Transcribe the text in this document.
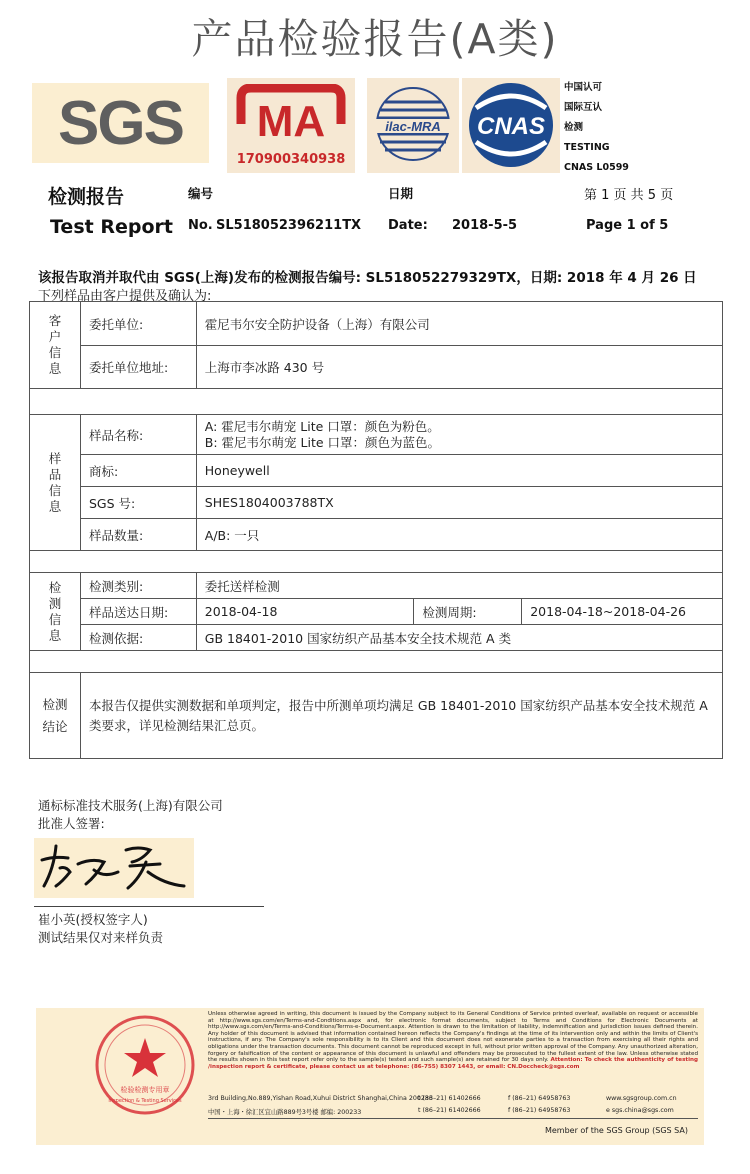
产品检验报告(A类)
SGS MA
170900340938
ilac-MRA CNAS
中国认可
国际互认
检测
TESTING
CNAS L0599
检测报告	编号	日期	第 1 页 共 5 页
Test Report No. SL518052396211TX Date: 2018-5-5	Page 1 of 5
该报告取消并取代由 SGS(上海)发布的检测报告编号: SL518052279329TX，日期: 2018 年 4 月 26 日
下列样品由客户提供及确认为:
客户信息	委托单位:	霍尼韦尔安全防护设备（上海）有限公司		
	委托单位地址:	上海市李冰路 430 号		

样品信息	样品名称:	A: 霍尼韦尔萌宠 Lite 口罩：颜色为粉色。
B: 霍尼韦尔萌宠 Lite 口罩：颜色为蓝色。		

	商标:	Honeywell		
	SGS 号:	SHES1804003788TX		
	样品数量:	A/B: 一只		

检测信息	检测类别:	委托送样检测		
	样品送达日期:	2018-04-18	检测周期:	2018-04-18~2018-04-26
	检测依据:	GB 18401-2010 国家纺织产品基本安全技术规范 A 类		

检测结论	本报告仅提供实测数据和单项判定，报告中所测单项均满足 GB 18401-2010 国家纺织产品基本安全技术规范 A 类要求，详见检测结果汇总页。			
通标标准技术服务(上海)有限公司
批准人签署:
崔小英(授权签字人)
测试结果仅对来样负责
检验检测专用章
Inspection & Testing Services
Unless otherwise agreed in writing, this document is issued by the Company subject to its General Conditions of Service printed overleaf, available on request or accessible at http://www.sgs.com/en/Terms-and-Conditions.aspx and, for electronic format documents, subject to Terms and Conditions for Electronic Documents at http://www.sgs.com/en/Terms-and-Conditions/Terms-e-Document.aspx. Attention is drawn to the limitation of liability, indemnification and jurisdiction issues defined therein. Any holder of this document is advised that information contained hereon reflects the Company's findings at the time of its intervention only and within the limits of Client's instructions, if any. The Company's sole responsibility is to its Client and this document does not exonerate parties to a transaction from exercising all their rights and obligations under the transaction documents. This document cannot be reproduced except in full, without prior written approval of the Company. Any unauthorized alteration, forgery or falsification of the content or appearance of this document is unlawful and offenders may be prosecuted to the fullest extent of the law. Unless otherwise stated the results shown in this test report refer only to the sample(s) tested and such sample(s) are retained for 30 days only. Attention: To check the authenticity of testing /inspection report & certificate, please contact us at telephone: (86-755) 8307 1443, or email: CN.Doccheck@sgs.com
3rd Building,No.889,Yishan Road,Xuhui District Shanghai,China 200233
t (86–21) 61402666	f (86–21) 64958763	www.sgsgroup.com.cn
中国・上海・徐汇区宜山路889号3号楼 邮编: 200233	t (86–21) 61402666	f (86–21) 64958763	e sgs.china@sgs.com
Member of the SGS Group (SGS SA)
